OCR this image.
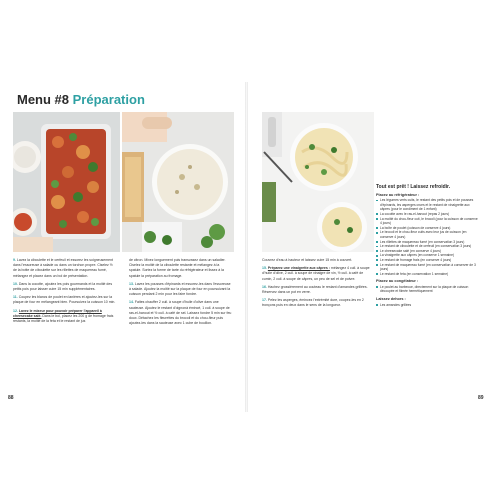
Menu #8 Préparation

9.Lavez la ciboulette et le cerfeuil et essorez les soigneusement dans l'essoreuse à salade ou dans un torchon propre. Ciselez ½ de la botte de ciboulette sur les rillettes de maquereau fumé, mélangez et placez dans un bol de présentation.

10.Dans la cocotte, ajoutez les pois gourmands et la moitié des petits pois pour laisser cuire 15 min supplémentaires.

11.Coupez les blancs de poulet en lanières et ajoutez-les sur la plaque de four en mélangeant bien. Poursuivez la cuisson 10 min.

12.Lavez le mixeur pour pouvoir préparer l'appareil à cheesecake salé. Dans le bol, placez les 200 g de fromage frais restants, la moitié de la feta et le restant de jus

de citron. Mixez longuement puis transvasez dans un saladier. Ciselez la moitié de la ciboulette restante et mélangez à la spatule. Sortez la forme de tarte du réfrigérateur et lissez à la spatule la préparation au fromage.

13.Lavez les pousses d'épinards et essorez-les dans l'essoreuse à salade. Ajoutez la moitié sur la plaque de four en poursuivant la cuisson pendant 2 min pour les faire fondre.

14.Faites chauffer 2 cuil. à soupe d'huile d'olive dans une sauteuse. Ajoutez le restant d'oignonà émincé, 1 cuil. à soupe de ras-el-hanout et ½ cuil. à café de sel. Laissez fondre 5 min sur feu doux. Détachez les fleurettes du brocoli et du chou-fleur puis ajoutez-les dans la sauteuse avec 1 cube de bouillon.

Couvrez d'eau à hauteur et laissez cuire 15 min à couvert.

15.Préparez une vinaigrette aux câpres : mélangez 4 cuil. à soupe d'huile d'olive, 2 cuil. à soupe de vinaigre de vin, ½ cuil. à café de cumin, 2 cuil. à soupe de câpres, un peu de sel et de poivre.

16.Hachez grossièrement au couteau le restant d'amandes grillées. Réservez dans un pot en verre.

17.Pelez les asperges, émincez l'extrémité dure, coupez-les en 2 tronçons puis en deux dans le sens de la longueur.

Tout est prêt ! Laissez refroidir.
Placez au réfrigérateur :
Les légumes verts cuits, le restant des petits pois et de pousses d'épinards, les asperges crues et le restant de vinaigrette aux câpres (pour le condiment de 1 enfant)
La cocotte avec le ras-el-hanout (repas 2 jours)
La moitié du chou-fleur cuit, le brocoli (pour la cuisson de conserve 4 jours)
La boîte de poulet (cuisson de conserve 4 jours)
Le brocoli et le chou-fleur cuits avec leur jus de cuisson (en conserve 4 jours)
Les rillettes de maquereau fumé (en conservation 3 jours)
Le restant de ciboulette et de cerfeuil (en conservation 3 jours)
Le cheesecake salé (en conserve 4 jours)
La vinaigrette aux câpres (en conserve 1 semaine)
Le restant de fromage frais (en conserve 4 jours)
Le restant de maquereau fumé (en conservation à conserver de 3 jours)
Le restant de feta (en conservation 1 semaine)
Placez au congélateur :
Le poulet au barbecue, directement sur la plaque de cuisson découpée et filmée hermétiquement
Laissez dehors :
Les amandes grillées
88	89
